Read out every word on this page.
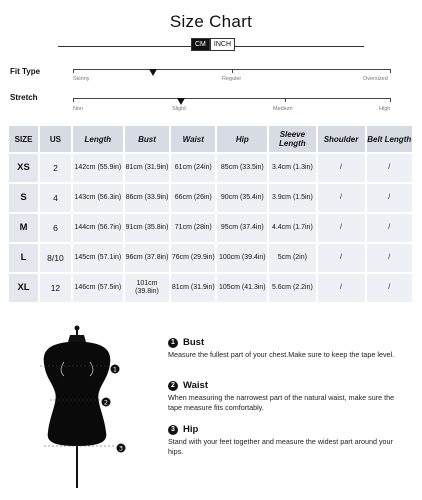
Size Chart
CM	INCH
Fit Type
Skinny	Reguler	Oversized
Stretch
Non	Slight	Medium	High
SIZE	US	Length	Bust	Waist	Hip	Sleeve Length	Shoulder	Belt Length
XS	2	142cm (55.9in)	81cm (31.9in)	61cm (24in)	85cm (33.5in)	3.4cm (1.3in)	/	/
S	4	143cm (56.3in)	86cm (33.9in)	66cm (26in)	90cm (35.4in)	3.9cm (1.5in)	/	/
M	6	144cm (56.7in)	91cm (35.8in)	71cm (28in)	95cm (37.4in)	4.4cm (1.7in)	/	/
L	8/10	145cm (57.1in)	96cm (37.8in)	76cm (29.9in)	100cm (39.4in)	5cm (2in)	/	/
XL	12	146cm (57.5in)	101cm (39.8in)	81cm (31.9in)	105cm (41.3in)	5.6cm (2.2in)	/	/
1
2
3
1 Bust
Measure the fullest part of your chest.Make sure to keep the tape level.
2 Waist
When measuring the narrowest part of the natural waist, make sure the tape measure fits comfortably.
3 Hip
Stand with your feet together and measure the widest part around your hips.
